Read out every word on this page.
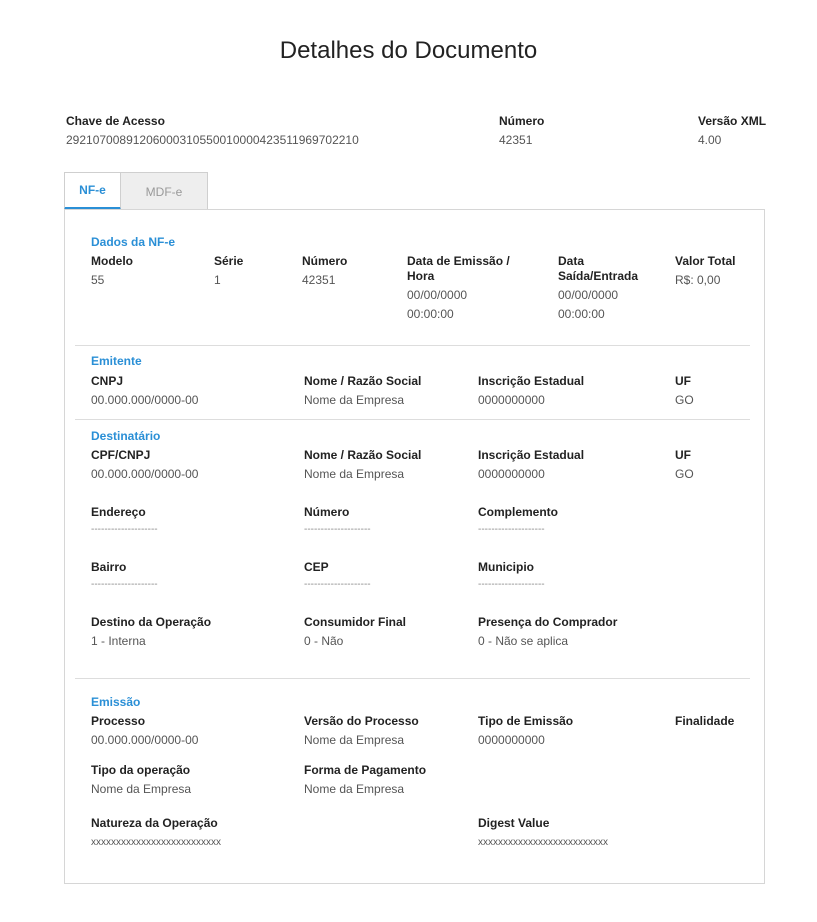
Detalhes do Documento
Chave de Acesso
29210700891206000310550010000423511969702210
Número
42351
Versão XML
4.00
NF-e	MDF-e
Dados da NF-e
Modelo
55
Série
1
Número
42351
Data de Emissão /
Hora
00/00/0000
00:00:00
Data
Saída/Entrada
00/00/0000
00:00:00
Valor Total
R$: 0,00
Emitente
CNPJ
00.000.000/0000-00
Nome / Razão Social
Nome da Empresa
Inscrição Estadual
0000000000
UF
GO
Destinatário
CPF/CNPJ
00.000.000/0000-00
Nome / Razão Social
Nome da Empresa
Inscrição Estadual
0000000000
UF
GO
Endereço
--------------------
Número
--------------------
Complemento
--------------------
Bairro
--------------------
CEP
--------------------
Municipio
--------------------
Destino da Operação
1 - Interna
Consumidor Final
0 - Não
Presença do Comprador
0 - Não se aplica
Emissão
Processo
00.000.000/0000-00
Versão do Processo
Nome da Empresa
Tipo de Emissão
0000000000
Finalidade
Tipo da operação
Nome da Empresa
Forma de Pagamento
Nome da Empresa
Natureza da Operação
xxxxxxxxxxxxxxxxxxxxxxxxxx
Digest Value
xxxxxxxxxxxxxxxxxxxxxxxxxx
